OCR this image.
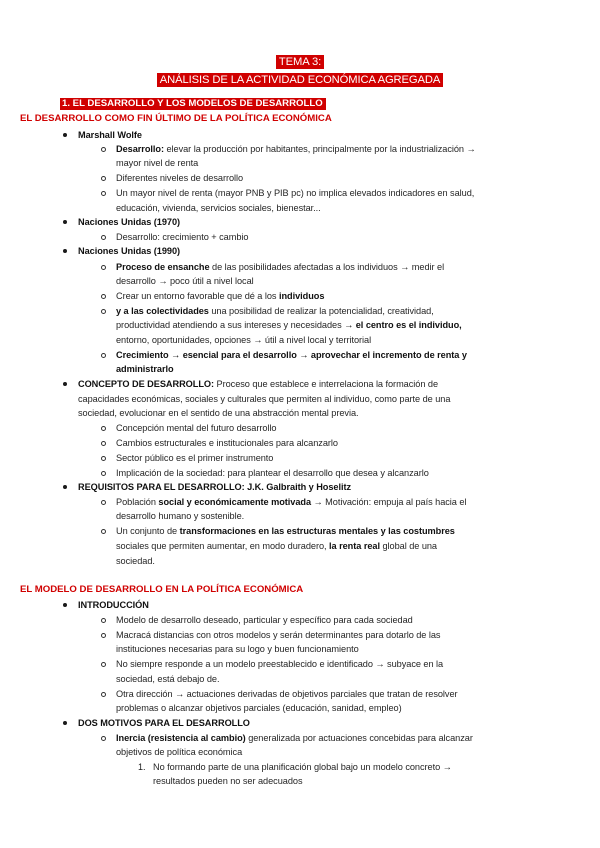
TEMA 3:
ANÁLISIS DE LA ACTIVIDAD ECONÓMICA AGREGADA
1. EL DESARROLLO Y LOS MODELOS DE DESARROLLO
EL DESARROLLO COMO FIN ÚLTIMO DE LA POLÍTICA ECONÓMICA
EL MODELO DE DESARROLLO EN LA POLÍTICA ECONÓMICA
Marshall Wolfe
Desarrollo: elevar la producción por habitantes, principalmente por la industrialización →
mayor nivel de renta
Diferentes niveles de desarrollo
Un mayor nivel de renta (mayor PNB y PIB pc) no implica elevados indicadores en salud,
educación, vivienda, servicios sociales, bienestar...
Naciones Unidas (1970)
Desarrollo: crecimiento + cambio
Naciones Unidas (1990)
Proceso de ensanche de las posibilidades afectadas a los individuos → medir el
desarrollo → poco útil a nivel local
Crear un entorno favorable que dé a los individuos
y a las colectividades una posibilidad de realizar la potencialidad, creatividad,
productividad atendiendo a sus intereses y necesidades → el centro es el individuo,
entorno, oportunidades, opciones → útil a nivel local y territorial
Crecimiento → esencial para el desarrollo → aprovechar el incremento de renta y
administrarlo
CONCEPTO DE DESARROLLO: Proceso que establece e interrelaciona la formación de
capacidades económicas, sociales y culturales que permiten al individuo, como parte de una
sociedad, evolucionar en el sentido de una abstracción mental previa.
Concepción mental del futuro desarrollo
Cambios estructurales e institucionales para alcanzarlo
Sector público es el primer instrumento
Implicación de la sociedad: para plantear el desarrollo que desea y alcanzarlo
REQUISITOS PARA EL DESARROLLO: J.K. Galbraith y Hoselitz
Población social y económicamente motivada → Motivación: empuja al país hacia el
desarrollo humano y sostenible.
Un conjunto de transformaciones en las estructuras mentales y las costumbres
sociales que permiten aumentar, en modo duradero, la renta real global de una
sociedad.
INTRODUCCIÓN
Modelo de desarrollo deseado, particular y específico para cada sociedad
Macracá distancias con otros modelos y serán determinantes para dotarlo de las
instituciones necesarias para su logo y buen funcionamiento
No siempre responde a un modelo preestablecido e identificado → subyace en la
sociedad, está debajo de.
Otra dirección → actuaciones derivadas de objetivos parciales que tratan de resolver
problemas o alcanzar objetivos parciales (educación, sanidad, empleo)
DOS MOTIVOS PARA EL DESARROLLO
Inercia (resistencia al cambio) generalizada por actuaciones concebidas para alcanzar
objetivos de política económica
1. No formando parte de una planificación global bajo un modelo concreto →
resultados pueden no ser adecuados
